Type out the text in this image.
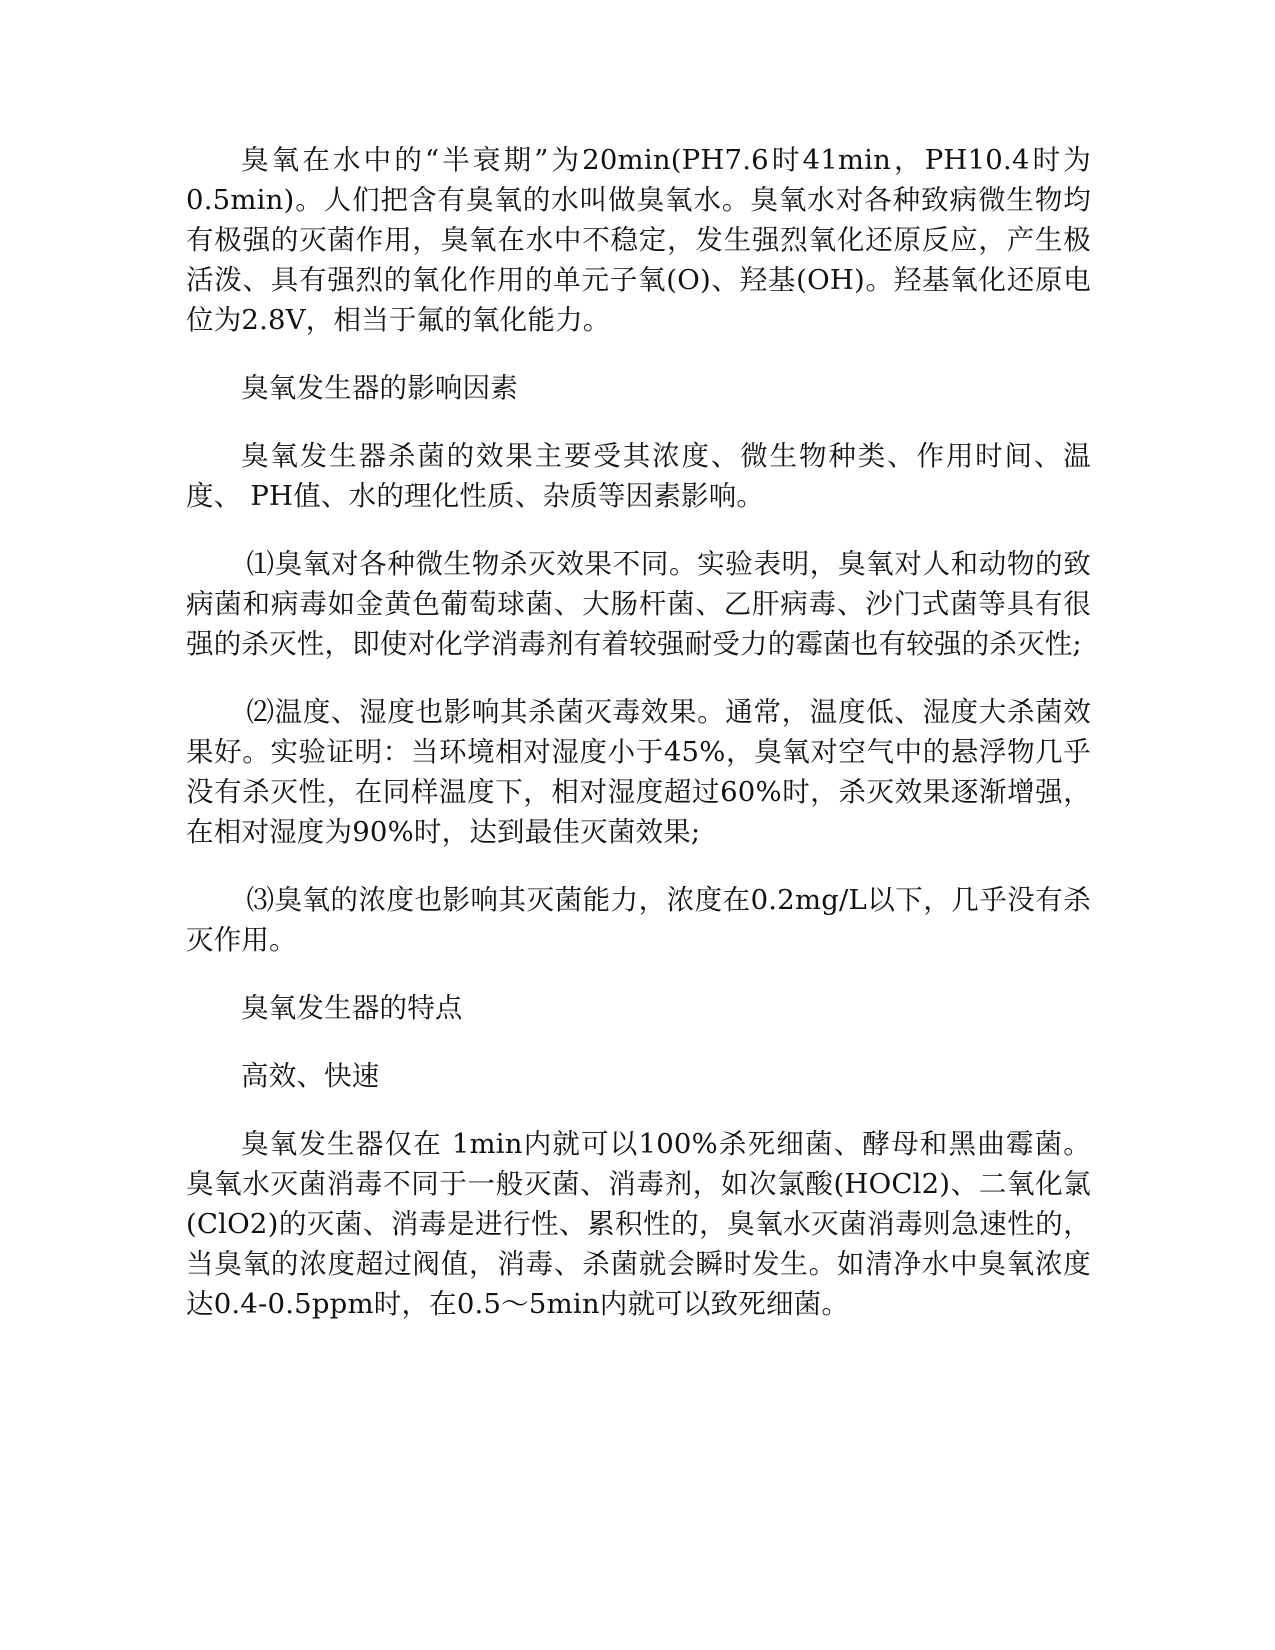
臭氧在水中的“半衰期”为20min(PH7.6时41min，PH10.4时为0.5min)。人们把含有臭氧的水叫做臭氧水。臭氧水对各种致病微生物均有极强的灭菌作用，臭氧在水中不稳定，发生强烈氧化还原反应，产生极活泼、具有强烈的氧化作用的单元子氧(O)、羟基(OH)。羟基氧化还原电位为2.8V，相当于氟的氧化能力。

臭氧发生器的影响因素

臭氧发生器杀菌的效果主要受其浓度、微生物种类、作用时间、温度、 PH值、水的理化性质、杂质等因素影响。

⑴臭氧对各种微生物杀灭效果不同。实验表明，臭氧对人和动物的致病菌和病毒如金黄色葡萄球菌、大肠杆菌、乙肝病毒、沙门式菌等具有很强的杀灭性，即使对化学消毒剂有着较强耐受力的霉菌也有较强的杀灭性;

⑵温度、湿度也影响其杀菌灭毒效果。通常，温度低、湿度大杀菌效果好。实验证明：当环境相对湿度小于45%，臭氧对空气中的悬浮物几乎没有杀灭性，在同样温度下，相对湿度超过60%时，杀灭效果逐渐增强，在相对湿度为90%时，达到最佳灭菌效果;

⑶臭氧的浓度也影响其灭菌能力，浓度在0.2mg/L以下，几乎没有杀灭作用。

臭氧发生器的特点

高效、快速

臭氧发生器仅在 1min内就可以100%杀死细菌、酵母和黑曲霉菌。臭氧水灭菌消毒不同于一般灭菌、消毒剂，如次氯酸(HOCl2)、二氧化氯(ClO2)的灭菌、消毒是进行性、累积性的，臭氧水灭菌消毒则急速性的，当臭氧的浓度超过阀值，消毒、杀菌就会瞬时发生。如清净水中臭氧浓度达0.4-0.5ppm时，在0.5～5min内就可以致死细菌。
